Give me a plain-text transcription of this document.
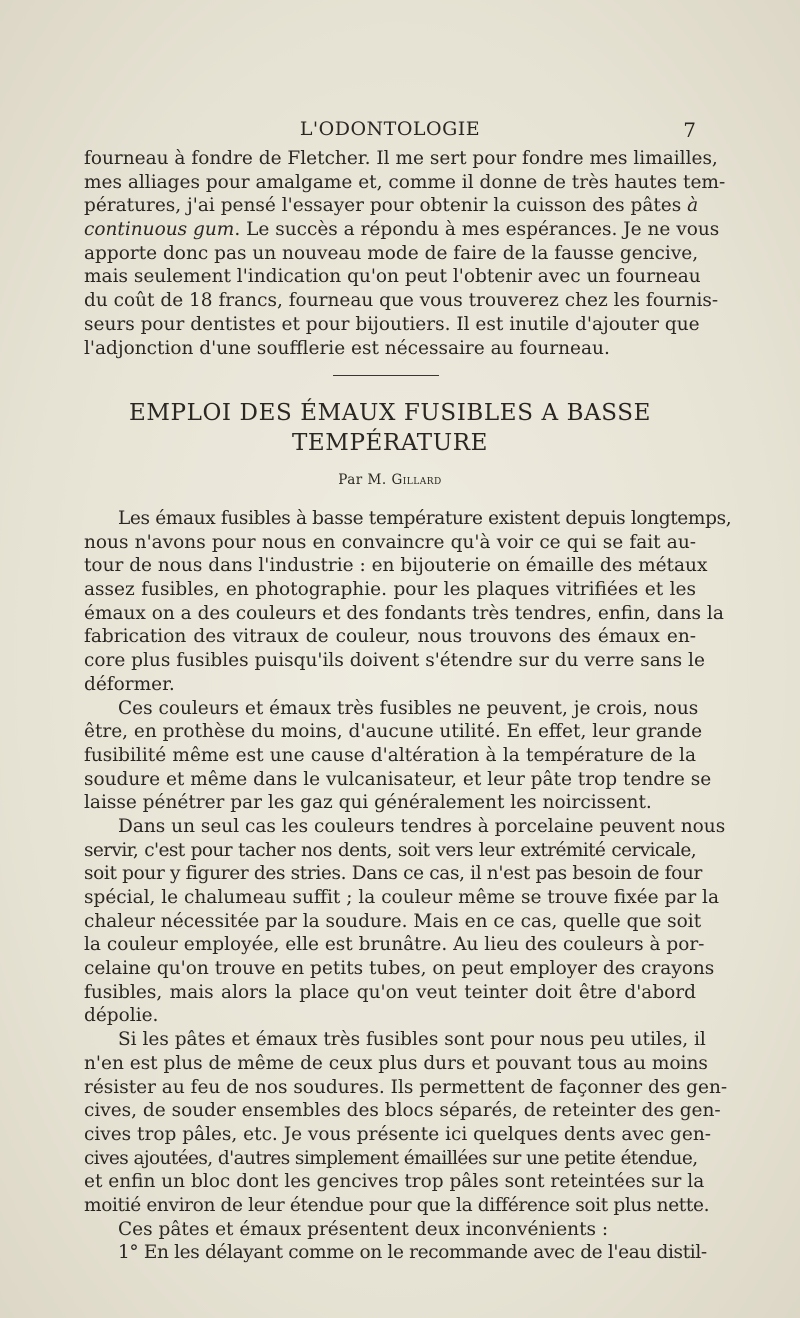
L'ODONTOLOGIE	7
fourneau à fondre de Fletcher. Il me sert pour fondre mes limailles,
mes alliages pour amalgame et, comme il donne de très hautes tem-
pératures, j'ai pensé l'essayer pour obtenir la cuisson des pâtes à
continuous gum. Le succès a répondu à mes espérances. Je ne vous
apporte donc pas un nouveau mode de faire de la fausse gencive,
mais seulement l'indication qu'on peut l'obtenir avec un fourneau
du coût de 18 francs, fourneau que vous trouverez chez les fournis-
seurs pour dentistes et pour bijoutiers. Il est inutile d'ajouter que
l'adjonction d'une soufflerie est nécessaire au fourneau.
EMPLOI DES ÉMAUX FUSIBLES A BASSE
TEMPÉRATURE
Par M. Gillard
Les émaux fusibles à basse température existent depuis longtemps,
nous n'avons pour nous en convaincre qu'à voir ce qui se fait au-
tour de nous dans l'industrie : en bijouterie on émaille des métaux
assez fusibles, en photographie. pour les plaques vitrifiées et les
émaux on a des couleurs et des fondants très tendres, enfin, dans la
fabrication des vitraux de couleur, nous trouvons des émaux en-
core plus fusibles puisqu'ils doivent s'étendre sur du verre sans le
déformer.
Ces couleurs et émaux très fusibles ne peuvent, je crois, nous
être, en prothèse du moins, d'aucune utilité. En effet, leur grande
fusibilité même est une cause d'altération à la température de la
soudure et même dans le vulcanisateur, et leur pâte trop tendre se
laisse pénétrer par les gaz qui généralement les noircissent.
Dans un seul cas les couleurs tendres à porcelaine peuvent nous
servir, c'est pour tacher nos dents, soit vers leur extrémité cervicale,
soit pour y figurer des stries. Dans ce cas, il n'est pas besoin de four
spécial, le chalumeau suffit ; la couleur même se trouve fixée par la
chaleur nécessitée par la soudure. Mais en ce cas, quelle que soit
la couleur employée, elle est brunâtre. Au lieu des couleurs à por-
celaine qu'on trouve en petits tubes, on peut employer des crayons
fusibles, mais alors la place qu'on veut teinter doit être d'abord
dépolie.
Si les pâtes et émaux très fusibles sont pour nous peu utiles, il
n'en est plus de même de ceux plus durs et pouvant tous au moins
résister au feu de nos soudures. Ils permettent de façonner des gen-
cives, de souder ensembles des blocs séparés, de reteinter des gen-
cives trop pâles, etc. Je vous présente ici quelques dents avec gen-
cives ajoutées, d'autres simplement émaillées sur une petite étendue,
et enfin un bloc dont les gencives trop pâles sont reteintées sur la
moitié environ de leur étendue pour que la différence soit plus nette.
Ces pâtes et émaux présentent deux inconvénients :
1° En les délayant comme on le recommande avec de l'eau distil-
